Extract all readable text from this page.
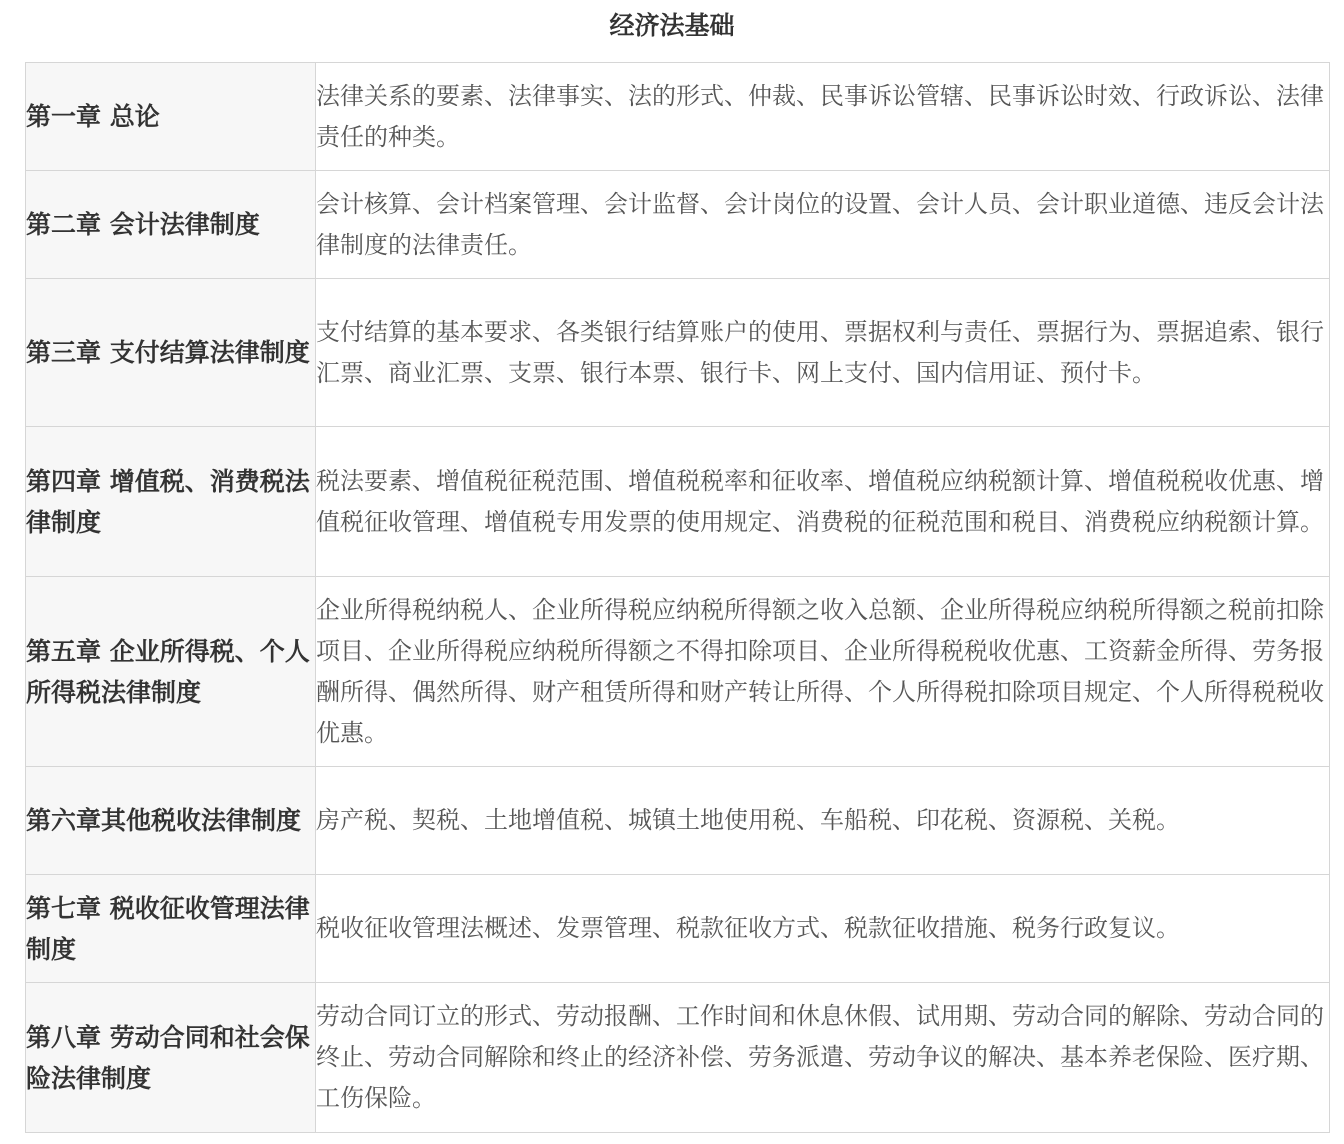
经济法基础
第一章 总论	法律关系的要素、法律事实、法的形式、仲裁、民事诉讼管辖、民事诉讼时效、行政诉讼、法律责任的种类。
第二章 会计法律制度	会计核算、会计档案管理、会计监督、会计岗位的设置、会计人员、会计职业道德、违反会计法律制度的法律责任。
第三章 支付结算法律制度	支付结算的基本要求、各类银行结算账户的使用、票据权利与责任、票据行为、票据追索、银行汇票、商业汇票、支票、银行本票、银行卡、网上支付、国内信用证、预付卡。
第四章 增值税、消费税法律制度	税法要素、增值税征税范围、增值税税率和征收率、增值税应纳税额计算、增值税税收优惠、增值税征收管理、增值税专用发票的使用规定、消费税的征税范围和税目、消费税应纳税额计算。
第五章 企业所得税、个人所得税法律制度	企业所得税纳税人、企业所得税应纳税所得额之收入总额、企业所得税应纳税所得额之税前扣除项目、企业所得税应纳税所得额之不得扣除项目、企业所得税税收优惠、工资薪金所得、劳务报酬所得、偶然所得、财产租赁所得和财产转让所得、个人所得税扣除项目规定、个人所得税税收优惠。
第六章其他税收法律制度	房产税、契税、土地增值税、城镇土地使用税、车船税、印花税、资源税、关税。
第七章 税收征收管理法律制度	税收征收管理法概述、发票管理、税款征收方式、税款征收措施、税务行政复议。
第八章 劳动合同和社会保险法律制度	劳动合同订立的形式、劳动报酬、工作时间和休息休假、试用期、劳动合同的解除、劳动合同的终止、劳动合同解除和终止的经济补偿、劳务派遣、劳动争议的解决、基本养老保险、医疗期、工伤保险。
